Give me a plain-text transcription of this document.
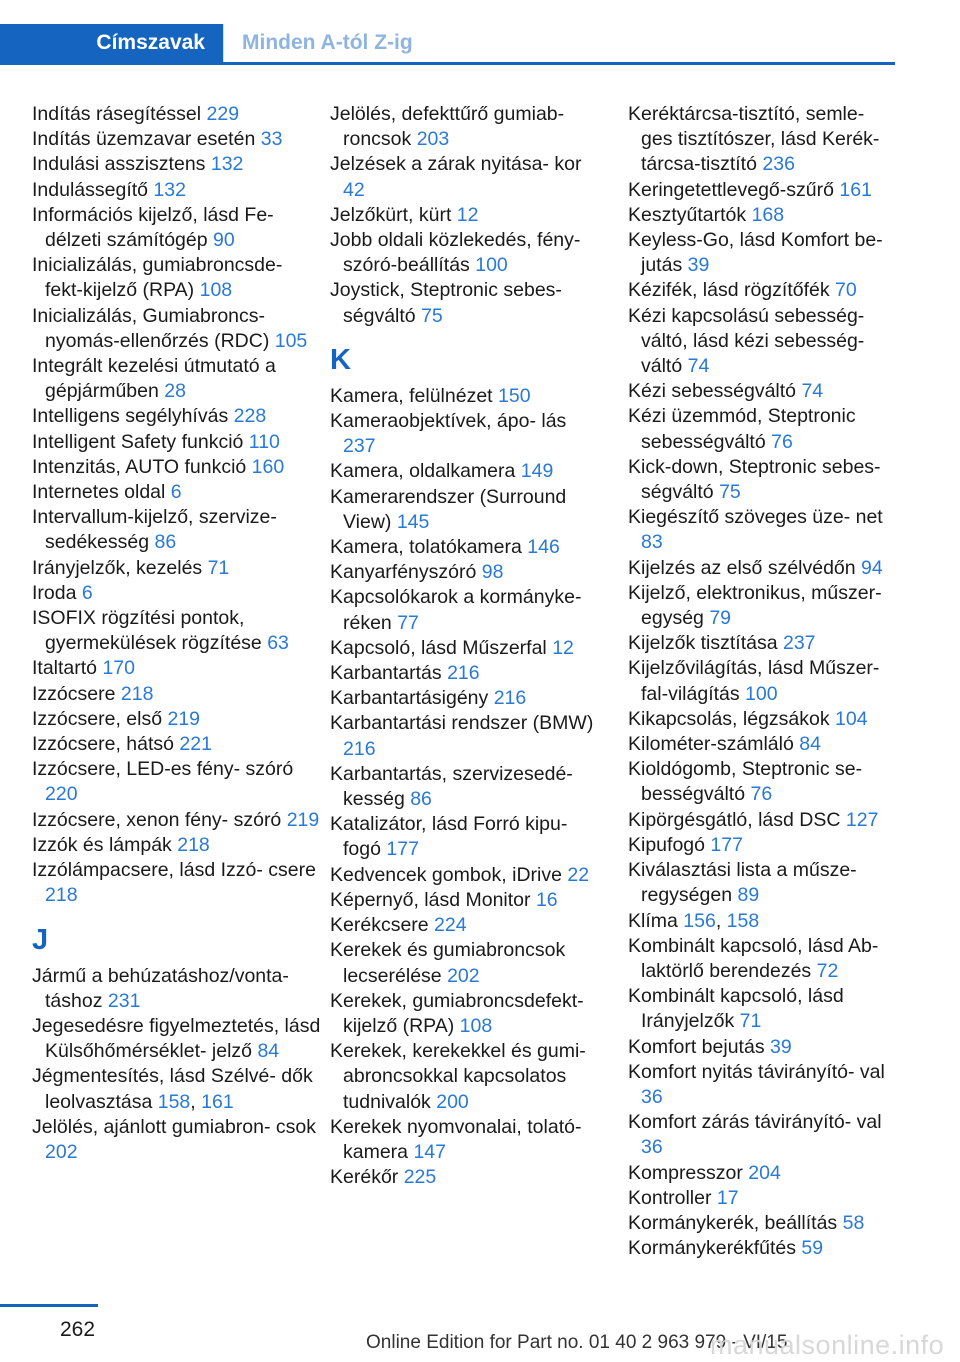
Címszavak	Minden A-tól Z-ig
Indítás rásegítéssel 229
Indítás üzemzavar esetén 33
Indulási asszisztens 132
Indulássegítő 132
Információs kijelző, lásd Fe- délzeti számítógép 90
Inicializálás, gumiabroncsde- fekt-kijelző (RPA) 108
Inicializálás, Gumiabroncs- nyomás-ellenőrzés (RDC) 105
Integrált kezelési útmutató a gépjárműben 28
Intelligens segélyhívás 228
Intelligent Safety funkció 110
Intenzitás, AUTO funkció 160
Internetes oldal 6
Intervallum-kijelző, szervize- sedékesség 86
Irányjelzők, kezelés 71
Iroda 6
ISOFIX rögzítési pontok, gyermekülések rögzítése 63
Italtartó 170
Izzócsere 218
Izzócsere, első 219
Izzócsere, hátsó 221
Izzócsere, LED-es fény- szóró 220
Izzócsere, xenon fény- szóró 219
Izzók és lámpák 218
Izzólámpacsere, lásd Izzó- csere 218
J
Jármű a behúzatáshoz/vonta- táshoz 231
Jegesedésre figyelmeztetés, lásd Külsőhőmérséklet- jelző 84
Jégmentesítés, lásd Szélvé- dők leolvasztása 158, 161
Jelölés, ajánlott gumiabron- csok 202
Jelölés, defekttűrő gumiab- roncsok 203
Jelzések a zárak nyitása- kor 42
Jelzőkürt, kürt 12
Jobb oldali közlekedés, fény- szóró-beállítás 100
Joystick, Steptronic sebes- ségváltó 75
K
Kamera, felülnézet 150
Kameraobjektívek, ápo- lás 237
Kamera, oldalkamera 149
Kamerarendszer (Surround View) 145
Kamera, tolatókamera 146
Kanyarfényszóró 98
Kapcsolókarok a kormányke- réken 77
Kapcsoló, lásd Műszerfal 12
Karbantartás 216
Karbantartásigény 216
Karbantartási rendszer (BMW) 216
Karbantartás, szervizesedé- kesség 86
Katalizátor, lásd Forró kipu- fogó 177
Kedvencek gombok, iDrive 22
Képernyő, lásd Monitor 16
Kerékcsere 224
Kerekek és gumiabroncsok lecserélése 202
Kerekek, gumiabroncsdefekt- kijelző (RPA) 108
Kerekek, kerekekkel és gumi- abroncsokkal kapcsolatos tudnivalók 200
Kerekek nyomvonalai, tolató- kamera 147
Kerékőr 225
Keréktárcsa-tisztító, semle- ges tisztítószer, lásd Kerék- tárcsa-tisztító 236
Keringetettlevegő-szűrő 161
Kesztyűtartók 168
Keyless-Go, lásd Komfort be- jutás 39
Kézifék, lásd rögzítőfék 70
Kézi kapcsolású sebesség- váltó, lásd kézi sebesség- váltó 74
Kézi sebességváltó 74
Kézi üzemmód, Steptronic sebességváltó 76
Kick-down, Steptronic sebes- ségváltó 75
Kiegészítő szöveges üze- net 83
Kijelzés az első szélvédőn 94
Kijelző, elektronikus, műszer- egység 79
Kijelzők tisztítása 237
Kijelzővilágítás, lásd Műszer- fal-világítás 100
Kikapcsolás, légzsákok 104
Kilométer-számláló 84
Kioldógomb, Steptronic se- bességváltó 76
Kipörgésgátló, lásd DSC 127
Kipufogó 177
Kiválasztási lista a műsze- regységen 89
Klíma 156, 158
Kombinált kapcsoló, lásd Ab- laktörlő berendezés 72
Kombinált kapcsoló, lásd Irányjelzők 71
Komfort bejutás 39
Komfort nyitás távirányító- val 36
Komfort zárás távirányító- val 36
Kompresszor 204
Kontroller 17
Kormánykerék, beállítás 58
Kormánykerékfűtés 59
262
Online Edition for Part no. 01 40 2 963 979 - VI/15
manualsonline.info
